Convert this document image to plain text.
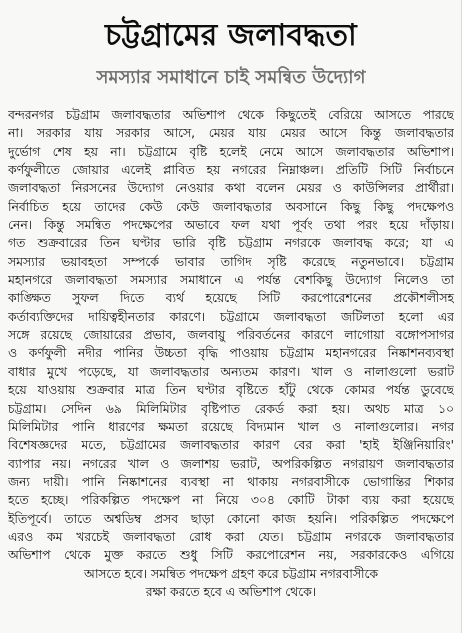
চট্টগ্রামের জলাবদ্ধতা
সমস্যার সমাধানে চাই সমন্বিত উদ্যোগ
বন্দরনগর চট্টগ্রাম জলাবদ্ধতার অভিশাপ থেকে কিছুতেই বেরিয়ে আসতে পারছে
না। সরকার যায় সরকার আসে, মেয়র যায় মেয়র আসে কিন্তু জলাবদ্ধতার
দুর্ভোগ শেষ হয় না। চট্টগ্রামে বৃষ্টি হলেই নেমে আসে জলাবদ্ধতার অভিশাপ।
কর্ণফুলীতে জোয়ার এলেই প্লাবিত হয় নগরের নিম্নাঞ্চল। প্রতিটি সিটি নির্বাচনে
জলাবদ্ধতা নিরসনের উদ্যোগ নেওয়ার কথা বলেন মেয়র ও কাউন্সিলর প্রার্থীরা।
নির্বাচিত হয়ে তাদের কেউ কেউ জলাবদ্ধতার অবসানে কিছু কিছু পদক্ষেপও
নেন। কিন্তু সমন্বিত পদক্ষেপের অভাবে ফল যথা পূর্বং তথা পরং হয়ে দাঁড়ায়।
গত শুক্রবারের তিন ঘণ্টার ভারি বৃষ্টি চট্টগ্রাম নগরকে জলাবদ্ধ করে; যা এ
সমস্যার ভয়াবহতা সম্পর্কে ভাবার তাগিদ সৃষ্টি করেছে নতুনভাবে। চট্টগ্রাম
মহানগরে জলাবদ্ধতা সমস্যার সমাধানে এ পর্যন্ত বেশকিছু উদ্যোগ নিলেও তা
কাঙ্ক্ষিত সুফল দিতে ব্যর্থ হয়েছে সিটি করপোরেশনের প্রকৌশলীসহ
কর্তাব্যক্তিদের দায়িত্বহীনতার কারণে। চট্টগ্রামে জলাবদ্ধতা জটিলতা হলো এর
সঙ্গে রয়েছে জোয়ারের প্রভাব, জলবায়ু পরিবর্তনের কারণে লাগোয়া বঙ্গোপসাগর
ও কর্ণফুলী নদীর পানির উচ্চতা বৃদ্ধি পাওয়ায় চট্টগ্রাম মহানগরের নিষ্কাশনব্যবস্থা
বাধার মুখে পড়েছে, যা জলাবদ্ধতার অন্যতম কারণ। খাল ও নালাগুলো ভরাট
হয়ে যাওয়ায় শুক্রবার মাত্র তিন ঘণ্টার বৃষ্টিতে হাঁটু থেকে কোমর পর্যন্ত ডুবেছে
চট্টগ্রাম। সেদিন ৬৯ মিলিমিটার বৃষ্টিপাত রেকর্ড করা হয়। অথচ মাত্র ১০
মিলিমিটার পানি ধারণের ক্ষমতা রয়েছে বিদ্যমান খাল ও নালাগুলোর। নগর
বিশেষজ্ঞদের মতে, চট্টগ্রামের জলাবদ্ধতার কারণ বের করা 'হাই ইঞ্জিনিয়ারিং'
ব্যাপার নয়। নগরের খাল ও জলাশয় ভরাট, অপরিকল্পিত নগরায়ণ জলাবদ্ধতার
জন্য দায়ী। পানি নিষ্কাশনের ব্যবস্থা না থাকায় নগরবাসীকে ভোগান্তির শিকার
হতে হচ্ছে। পরিকল্পিত পদক্ষেপ না নিয়ে ৩০৪ কোটি টাকা ব্যয় করা হয়েছে
ইতিপূর্বে। তাতে অশ্বডিম্ব প্রসব ছাড়া কোনো কাজ হয়নি। পরিকল্পিত পদক্ষেপে
এরও কম খরচেই জলাবদ্ধতা রোধ করা যেত। চট্টগ্রাম নগরকে জলাবদ্ধতার
অভিশাপ থেকে মুক্ত করতে শুধু সিটি করপোরেশন নয়, সরকারকেও এগিয়ে
আসতে হবে। সমন্বিত পদক্ষেপ গ্রহণ করে চট্টগ্রাম নগরবাসীকে
রক্ষা করতে হবে এ অভিশাপ থেকে।
